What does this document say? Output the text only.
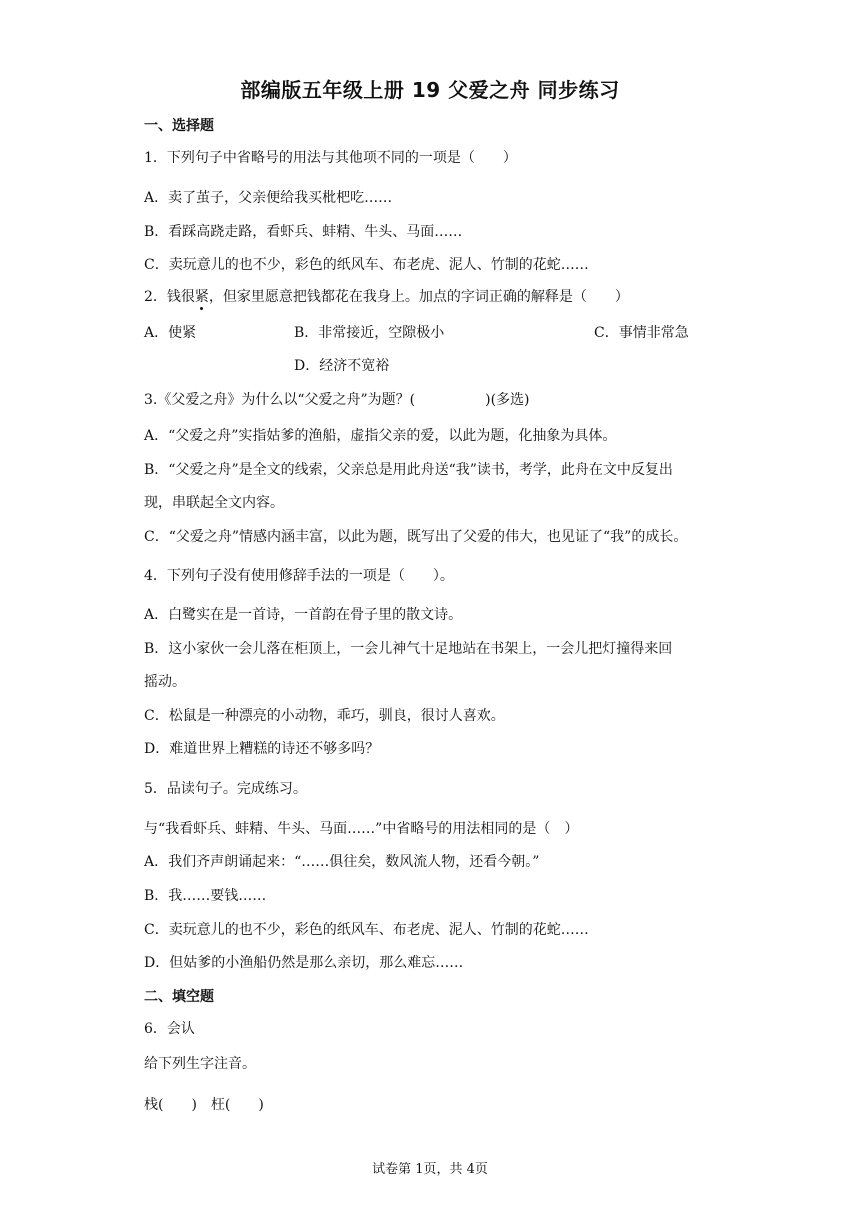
部编版五年级上册 19 父爱之舟 同步练习
一、选择题
1．下列句子中省略号的用法与其他项不同的一项是（　　）
A．卖了茧子，父亲便给我买枇杷吃……
B．看踩高跷走路，看虾兵、蚌精、牛头、马面……
C．卖玩意儿的也不少，彩色的纸风车、布老虎、泥人、竹制的花蛇……
2．钱很紧，但家里愿意把钱都花在我身上。加点的字词正确的解释是（　　）
A．使紧	B．非常接近，空隙极小	C．事情非常急
D．经济不宽裕
3.《父爱之舟》为什么以“父爱之舟”为题？(　　　　　)(多选)
A．“父爱之舟”实指姑爹的渔船，虚指父亲的爱，以此为题，化抽象为具体。
B．“父爱之舟”是全文的线索，父亲总是用此舟送“我”读书，考学，此舟在文中反复出
现，串联起全文内容。
C．“父爱之舟”情感内涵丰富，以此为题，既写出了父爱的伟大，也见证了“我”的成长。
4．下列句子没有使用修辞手法的一项是（　　）。
A．白鹭实在是一首诗，一首韵在骨子里的散文诗。
B．这小家伙一会儿落在柜顶上，一会儿神气十足地站在书架上，一会儿把灯撞得来回
摇动。
C．松鼠是一种漂亮的小动物，乖巧，驯良，很讨人喜欢。
D．难道世界上糟糕的诗还不够多吗？
5．品读句子。完成练习。
与“我看虾兵、蚌精、牛头、马面……”中省略号的用法相同的是（　）
A．我们齐声朗诵起来：“……俱往矣，数风流人物，还看今朝。”
B．我……要钱……
C．卖玩意儿的也不少，彩色的纸风车、布老虎、泥人、竹制的花蛇……
D．但姑爹的小渔船仍然是那么亲切，那么难忘……
二、填空题
6．会认
给下列生字注音。
栈(　　)　枉(　　)
试卷第 1页，共 4页
